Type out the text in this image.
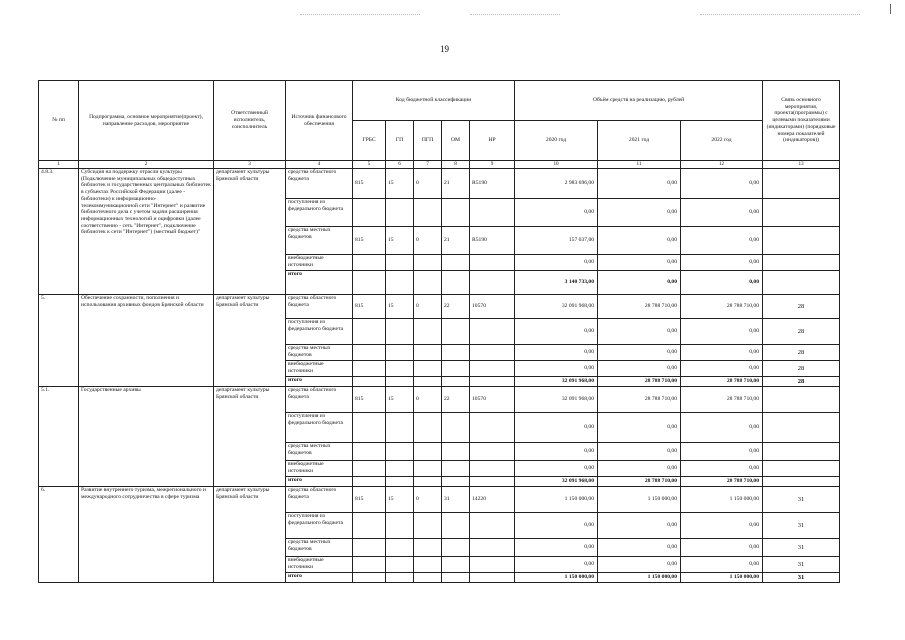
19
№ пп	Подпрограмма, основное мероприятие(проект), направление расходов, мероприятие	Ответственный исполнитель, соисполнитель	Источник финансового обеспечения	Код бюджетной классификации					Объём средств на реализацию, рублей			Связь основного мероприятия, проекта(программы) с целевыми показателями (индикаторами) (порядковые номера показателей (индикаторов))
				ГРБС	ГП	ПГП	ОМ	НР	2020 год	2021 год	2022 год	
1	2	3	4	5	6	7	8	9	10	11	12	13
4.8.3.	Субсидия на поддержку отрасли культуры (Подключение муниципальных общедоступных библиотек и государственных центральных библиотек в субъектах Российской Федерации (далее - библиотеки) к информационно-телекоммуникационной сети "Интернет" и развитие библиотечного дела с учетом задачи расширения информационных технологий и оцифровки (далее соответственно - сеть "Интернет", подключение библиотек к сети "Интернет") (местный бюджет)"	департамент культуры Брянской области	средства областного бюджета	815	15	0	21	R5190	2 983 696,00	0,00	0,00	
			поступления из федерального бюджета						0,00	0,00	0,00	
			средства местных бюджетов	815	15	0	21	R5190	157 037,00	0,00	0,00	
			внебюджетные источники						0,00	0,00	0,00	
			итого						3 140 733,00	0,00	0,00	
5.	Обеспечение сохранности, пополнения и использования архивных фондов Брянской области	департамент культуры Брянской области	средства областного бюджета	815	15	0	22	10570	32 091 968,00	28 788 710,00	28 788 710,00	28
			поступления из федерального бюджета						0,00	0,00	0,00	28
			средства местных бюджетов						0,00	0,00	0,00	28
			внебюджетные источники						0,00	0,00	0,00	28
			итого						32 091 968,00	28 788 710,00	28 788 710,00	28
5.1.	Государственные архивы	департамент культуры Брянской области	средства областного бюджета	815	15	0	22	10570	32 091 968,00	28 788 710,00	28 788 710,00	
			поступления из федерального бюджета						0,00	0,00	0,00	
			средства местных бюджетов						0,00	0,00	0,00	
			внебюджетные источники						0,00	0,00	0,00	
			итого						32 091 968,00	28 788 710,00	28 788 710,00	
6.	Развитие внутреннего туризма, межрегионального и международного сотрудничества в сфере туризма	департамент культуры Брянской области	средства областного бюджета	815	15	0	31	14220	1 150 000,00	1 150 000,00	1 150 000,00	31
			поступления из федерального бюджета						0,00	0,00	0,00	31
			средства местных бюджетов						0,00	0,00	0,00	31
			внебюджетные источники						0,00	0,00	0,00	31
			итого						1 150 000,00	1 150 000,00	1 150 000,00	31
